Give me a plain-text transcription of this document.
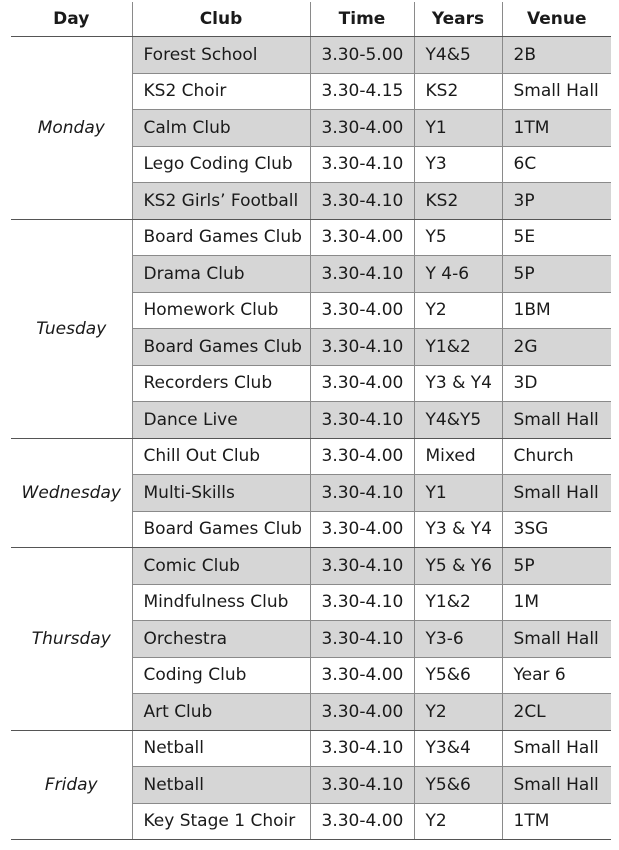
Day	Club	Time	Years	Venue
Monday	Forest School	3.30-5.00	Y4&5	2B
	KS2 Choir	3.30-4.15	KS2	Small Hall
	Calm Club	3.30-4.00	Y1	1TM
	Lego Coding Club	3.30-4.10	Y3	6C
	KS2 Girls’ Football	3.30-4.10	KS2	3P
Tuesday	Board Games Club	3.30-4.00	Y5	5E
	Drama Club	3.30-4.10	Y 4-6	5P
	Homework Club	3.30-4.00	Y2	1BM
	Board Games Club	3.30-4.10	Y1&2	2G
	Recorders Club	3.30-4.00	Y3 & Y4	3D
	Dance Live	3.30-4.10	Y4&Y5	Small Hall
Wednesday	Chill Out Club	3.30-4.00	Mixed	Church
	Multi-Skills	3.30-4.10	Y1	Small Hall
	Board Games Club	3.30-4.00	Y3 & Y4	3SG
Thursday	Comic Club	3.30-4.10	Y5 & Y6	5P
	Mindfulness Club	3.30-4.10	Y1&2	1M
	Orchestra	3.30-4.10	Y3-6	Small Hall
	Coding Club	3.30-4.00	Y5&6	Year 6
	Art Club	3.30-4.00	Y2	2CL
Friday	Netball	3.30-4.10	Y3&4	Small Hall
	Netball	3.30-4.10	Y5&6	Small Hall
	Key Stage 1 Choir	3.30-4.00	Y2	1TM
